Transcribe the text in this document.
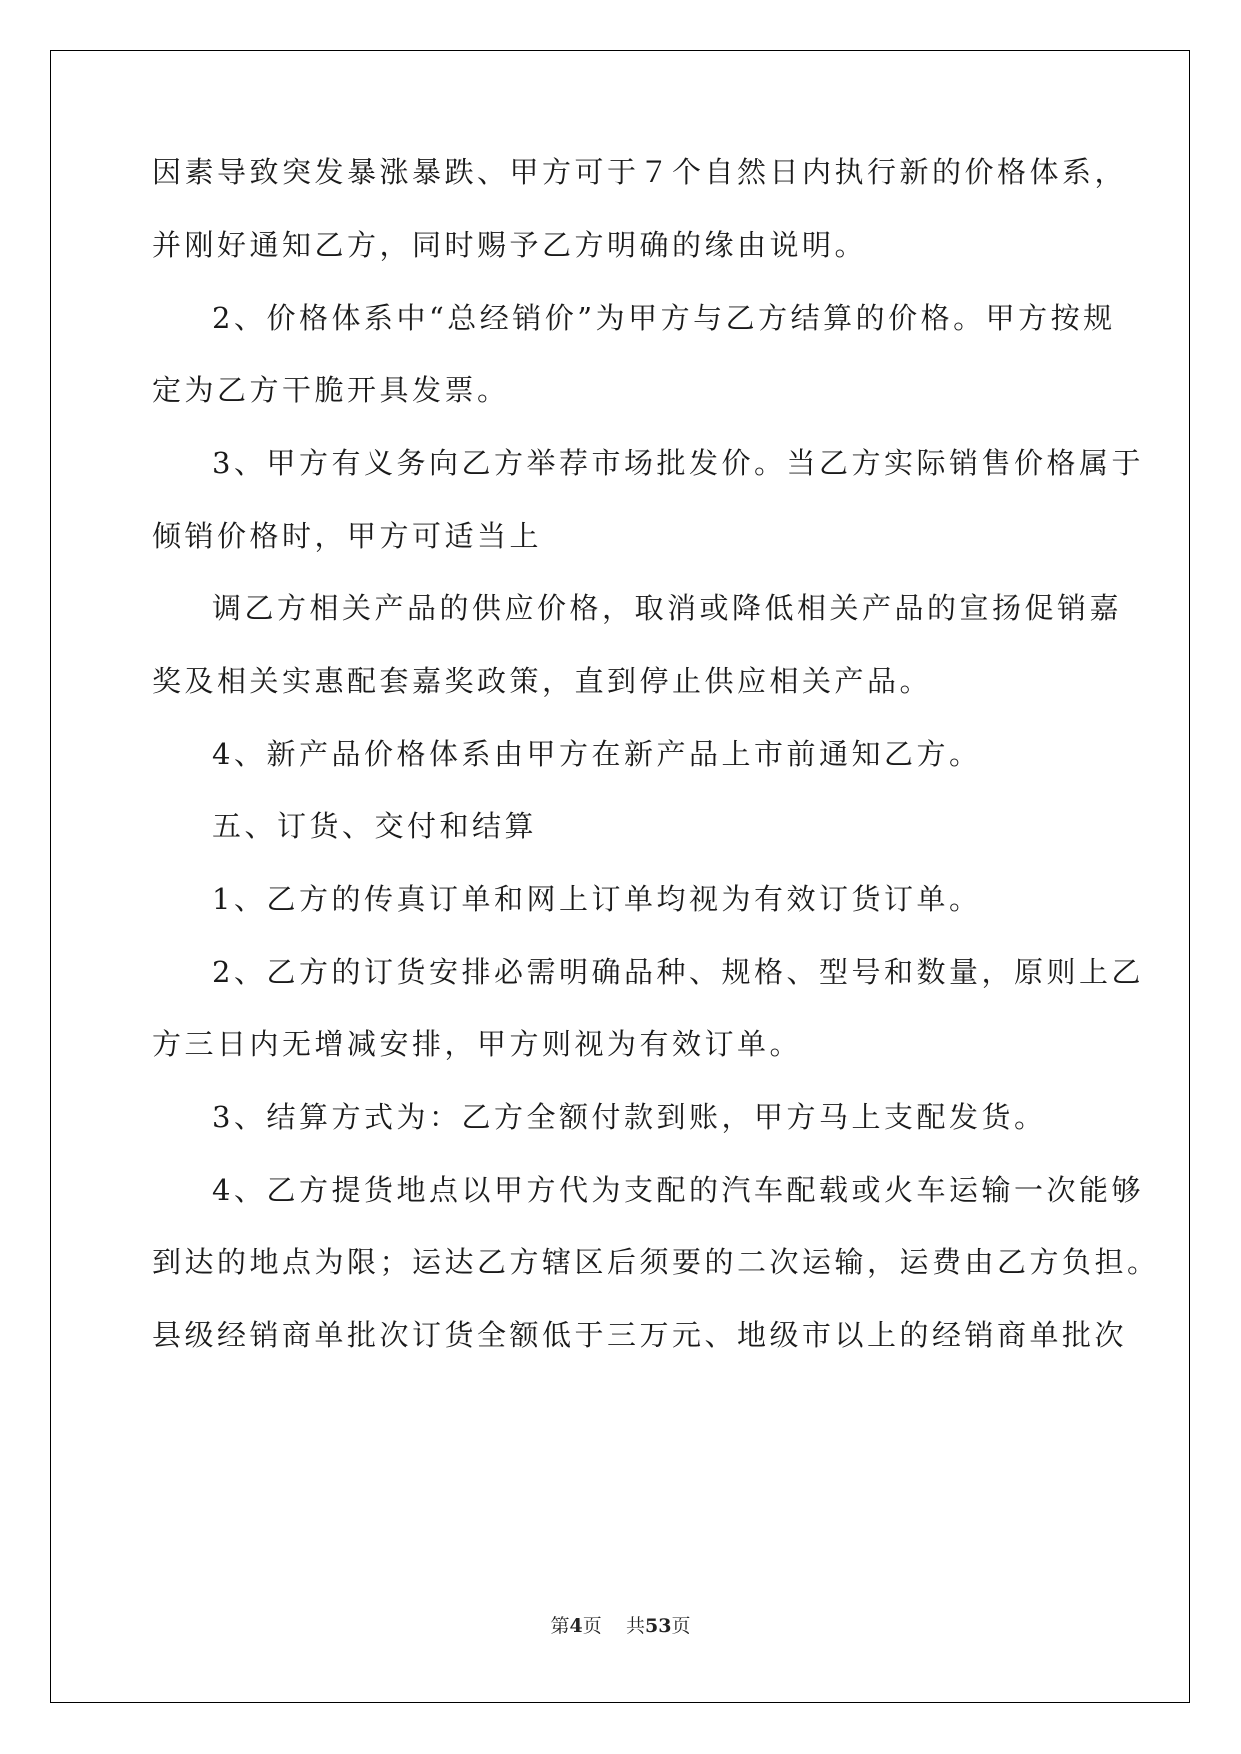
因素导致突发暴涨暴跌、甲方可于７个自然日内执行新的价格体系，

并刚好通知乙方，同时赐予乙方明确的缘由说明。

2、价格体系中“总经销价”为甲方与乙方结算的价格。甲方按规

定为乙方干脆开具发票。

3、甲方有义务向乙方举荐市场批发价。当乙方实际销售价格属于

倾销价格时，甲方可适当上

调乙方相关产品的供应价格，取消或降低相关产品的宣扬促销嘉

奖及相关实惠配套嘉奖政策，直到停止供应相关产品。

4、新产品价格体系由甲方在新产品上市前通知乙方。

五、订货、交付和结算

1、乙方的传真订单和网上订单均视为有效订货订单。

2、乙方的订货安排必需明确品种、规格、型号和数量，原则上乙

方三日内无增减安排，甲方则视为有效订单。

3、结算方式为：乙方全额付款到账，甲方马上支配发货。

4、乙方提货地点以甲方代为支配的汽车配载或火车运输一次能够

到达的地点为限；运达乙方辖区后须要的二次运输，运费由乙方负担。

县级经销商单批次订货全额低于三万元、地级市以上的经销商单批次

第4页 共53页
